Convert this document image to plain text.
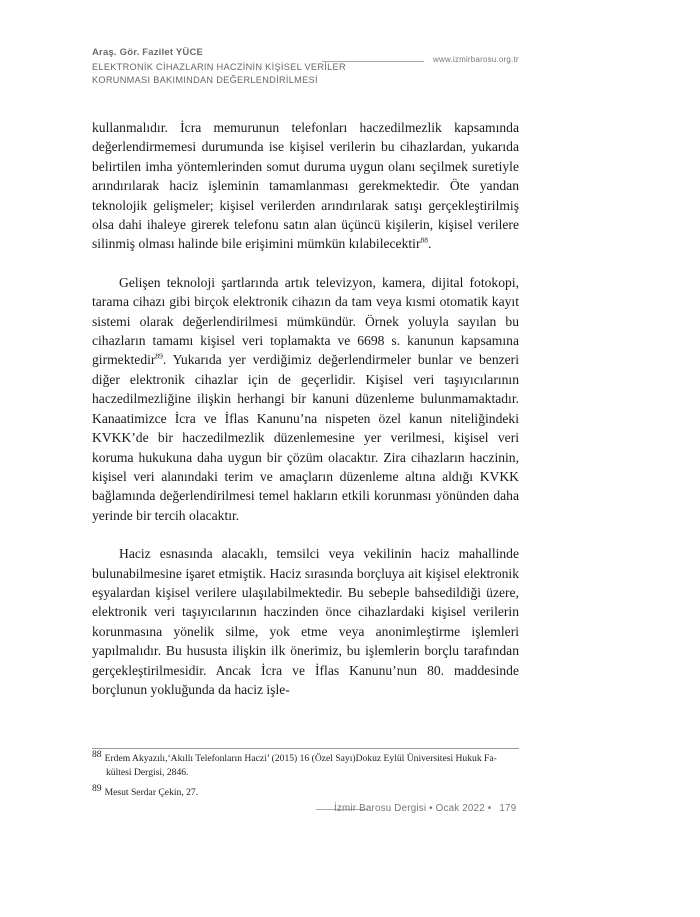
Araş. Gör. Fazilet YÜCE
www.izmirbarosu.org.tr
ELEKTRONİK CİHAZLARIN HACZİNİN KİŞİSEL VERİLER
KORUNMASI BAKIMINDAN DEĞERLENDİRİLMESİ

kullanmalıdır. İcra memurunun telefonları haczedilmezlik kapsamında değerlendirmemesi durumunda ise kişisel verilerin bu cihazlardan, yukarıda belirtilen imha yöntemlerinden somut duruma uygun olanı seçilmek suretiyle arındırılarak haciz işleminin tamamlanması gerekmektedir. Öte yandan teknolojik gelişmeler; kişisel verilerden arındırılarak satışı gerçekleştirilmiş olsa dahi ihaleye girerek telefonu satın alan üçüncü kişilerin, kişisel verilere silinmiş olması halinde bile erişimini mümkün kılabilecektir$^{88}$.

Gelişen teknoloji şartlarında artık televizyon, kamera, dijital fotokopi, tarama cihazı gibi birçok elektronik cihazın da tam veya kısmi otomatik kayıt sistemi olarak değerlendirilmesi mümkündür. Örnek yoluyla sayılan bu cihazların tamamı kişisel veri toplamakta ve 6698 s. kanunun kapsamına girmektedir$^{89}$. Yukarıda yer verdiğimiz değerlendirmeler bunlar ve benzeri diğer elektronik cihazlar için de geçerlidir. Kişisel veri taşıyıcılarının haczedilmezliğine ilişkin herhangi bir kanuni düzenleme bulunmamaktadır. Kanaatimizce İcra ve İflas Kanunu’na nispeten özel kanun niteliğindeki KVKK’de bir haczedilmezlik düzenlemesine yer verilmesi, kişisel veri koruma hukukuna daha uygun bir çözüm olacaktır. Zira cihazların haczinin, kişisel veri alanındaki terim ve amaçların düzenleme altına aldığı KVKK bağlamında değerlendirilmesi temel hakların etkili korunması yönünden daha yerinde bir tercih olacaktır.

Haciz esnasında alacaklı, temsilci veya vekilinin haciz mahallinde bulunabilmesine işaret etmiştik. Haciz sırasında borçluya ait kişisel elektronik eşyalardan kişisel verilere ulaşılabilmektedir. Bu sebeple bahsedildiği üzere, elektronik veri taşıyıcılarının haczinden önce cihazlardaki kişisel verilerin korunmasına yönelik silme, yok etme veya anonimleştirme işlemleri yapılmalıdır. Bu hususta ilişkin ilk önerimiz, bu işlemlerin borçlu tarafından gerçekleştirilmesidir. Ancak İcra ve İflas Kanunu’nun 80. maddesinde borçlunun yokluğunda da haciz işle-

$^{88}$ Erdem Akyazılı,‘Akıllı Telefonların Haczi’ (2015) 16 (Özel Sayı)Dokuz Eylül Üniversitesi Hukuk Fa-
kültesi Dergisi, 2846.
$^{89}$ Mesut Serdar Çekin, 27.
İzmir Barosu Dergisi • Ocak 2022 • 179
